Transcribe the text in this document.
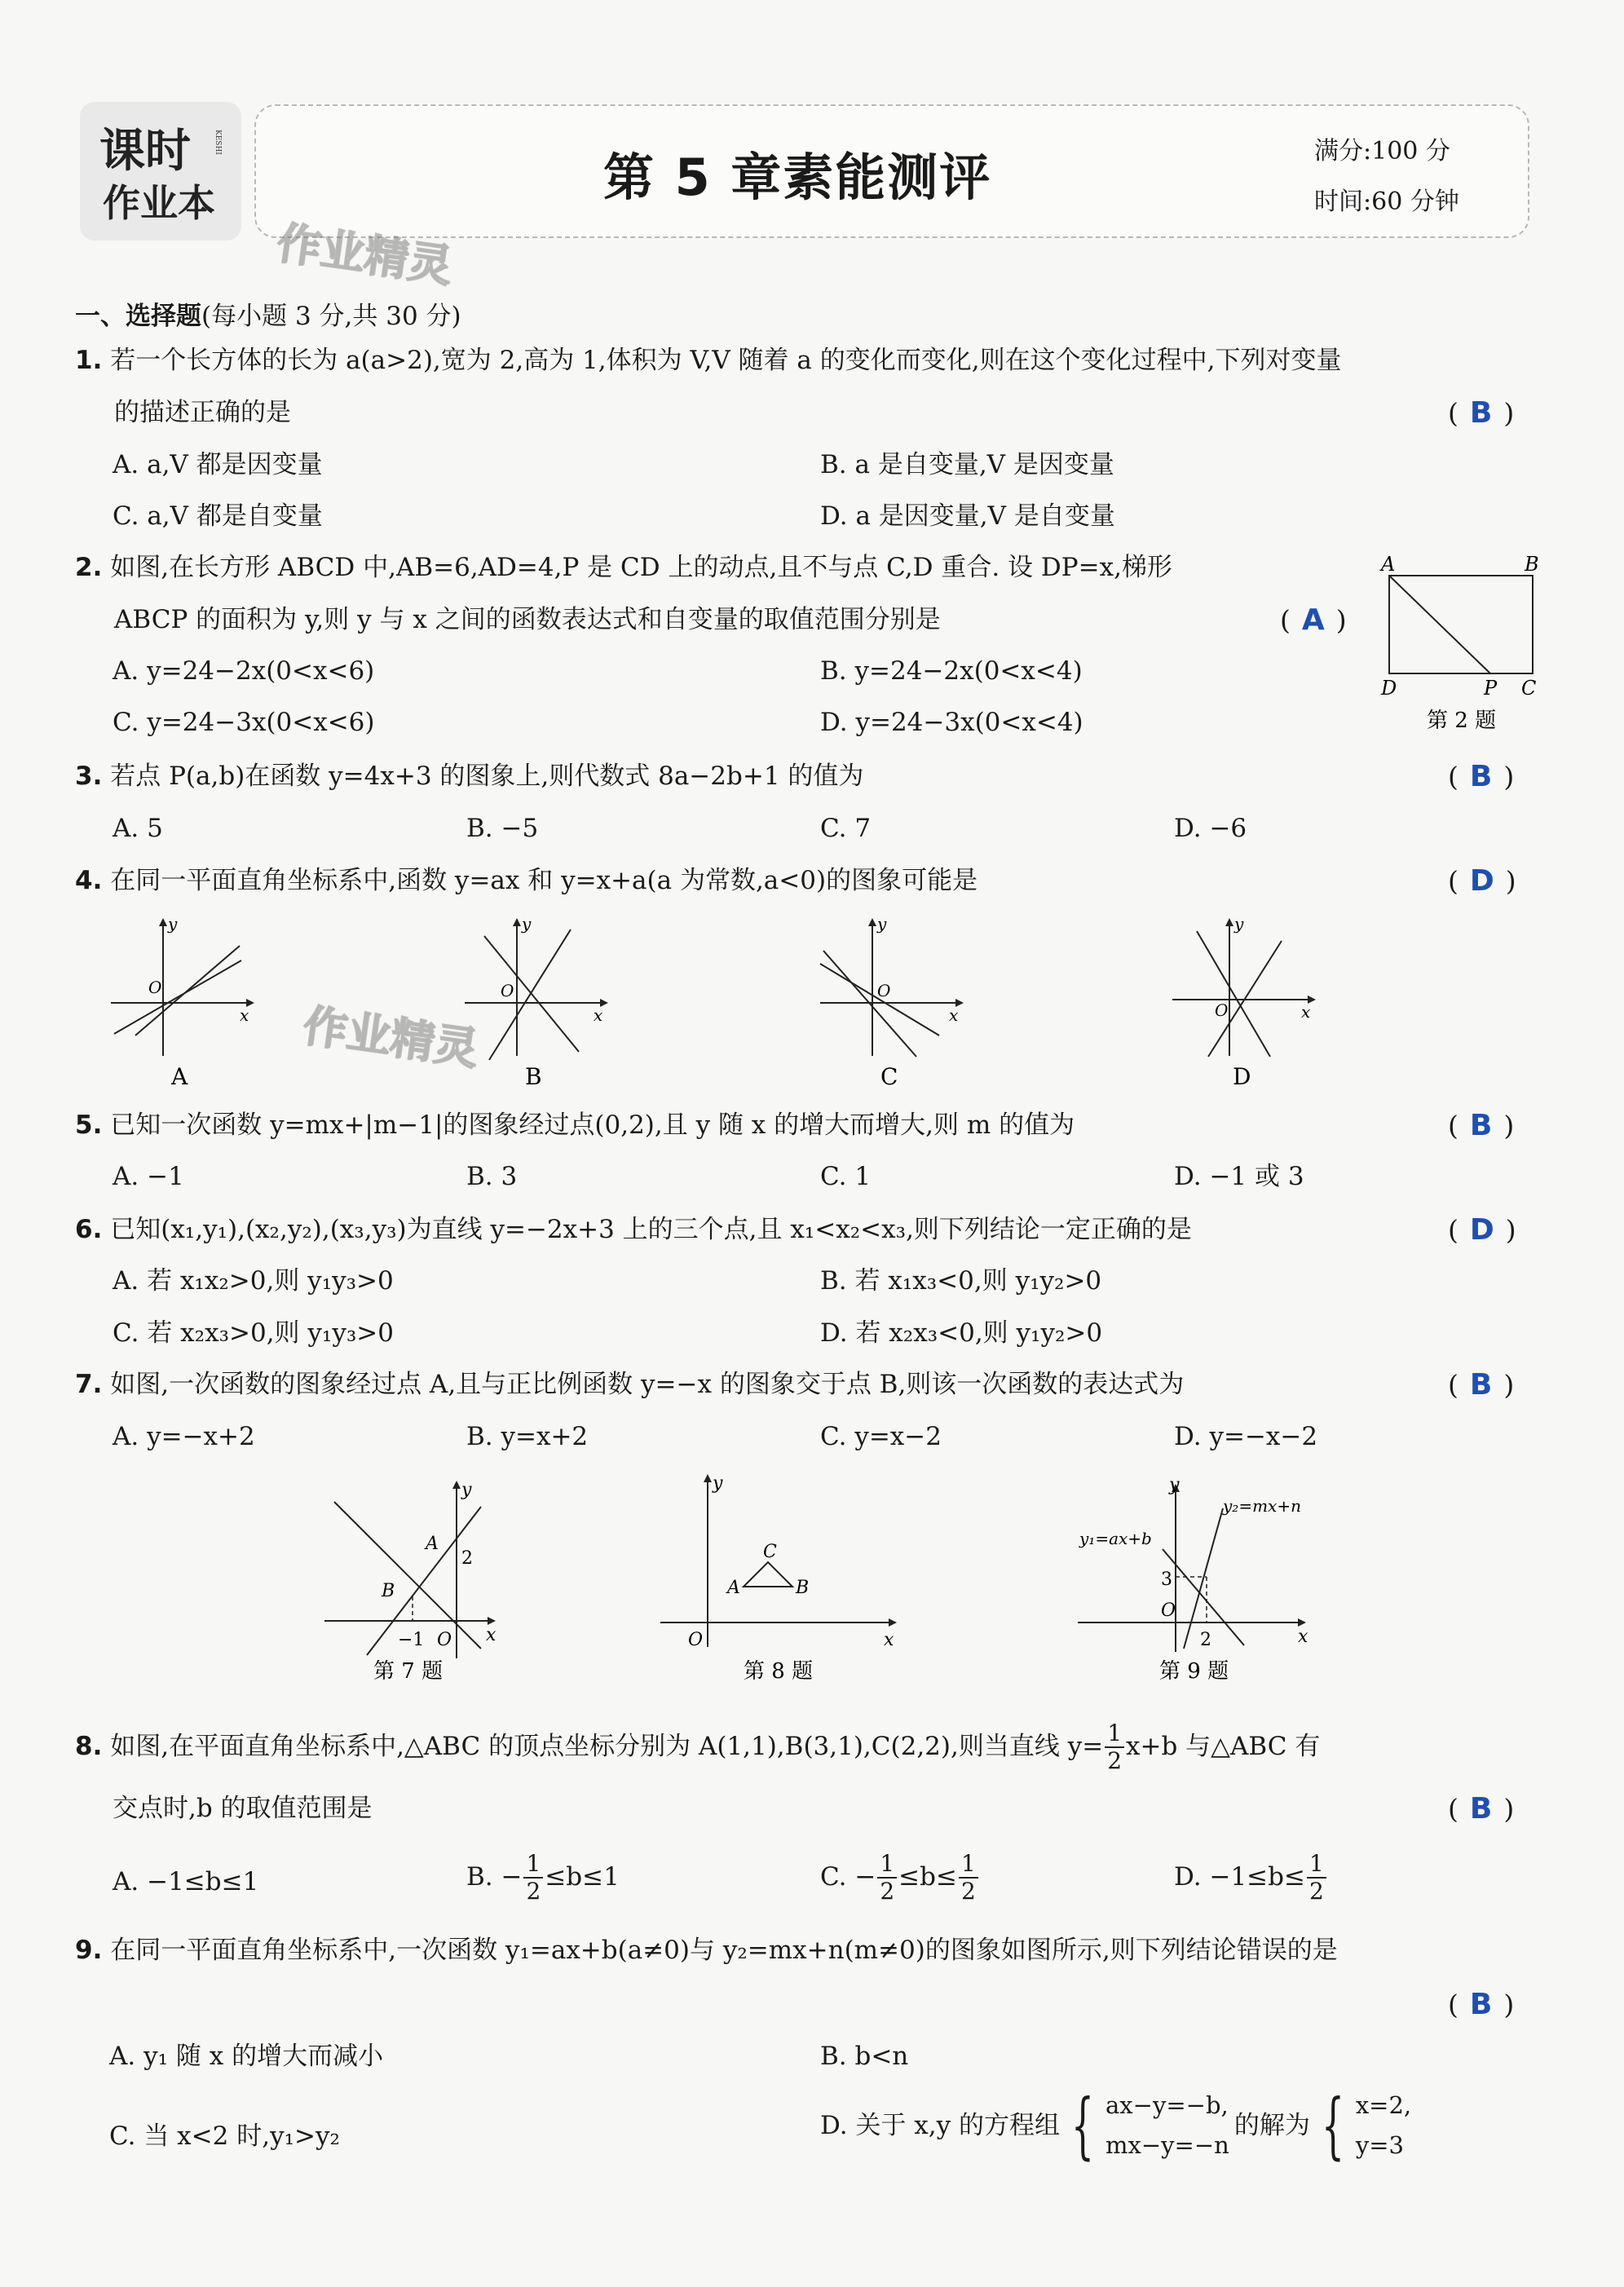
课时
作业本
KESHI
第 5 章素能测评	满分:100 分
时间:60 分钟
作业精灵
作业精灵
一、选择题(每小题 3 分,共 30 分)
1. 若一个长方体的长为 a(a>2),宽为 2,高为 1,体积为 V,V 随着 a 的变化而变化,则在这个变化过程中,下列对变量
的描述正确的是	( B )
A. a,V 都是因变量	B. a 是自变量,V 是因变量
C. a,V 都是自变量	D. a 是因变量,V 是自变量
2. 如图,在长方形 ABCD 中,AB=6,AD=4,P 是 CD 上的动点,且不与点 C,D 重合. 设 DP=x,梯形
ABCP 的面积为 y,则 y 与 x 之间的函数表达式和自变量的取值范围分别是	( A )
A. y=24−2x(0<x<6)	B. y=24−2x(0<x<4)
C. y=24−3x(0<x<6)	D. y=24−3x(0<x<4)
A	B
D	P C
第 2 题
3. 若点 P(a,b)在函数 y=4x+3 的图象上,则代数式 8a−2b+1 的值为	( B )
A. 5	B. −5	C. 7	D. −6
4. 在同一平面直角坐标系中,函数 y=ax 和 y=x+a(a 为常数,a<0)的图象可能是	( D )
y
x
O
A
y
x
O
B
y
x
O
C
y
x
O
D
5. 已知一次函数 y=mx+|m−1|的图象经过点(0,2),且 y 随 x 的增大而增大,则 m 的值为	( B )
A. −1	B. 3	C. 1	D. −1 或 3
6. 已知(x₁,y₁),(x₂,y₂),(x₃,y₃)为直线 y=−2x+3 上的三个点,且 x₁<x₂<x₃,则下列结论一定正确的是	( D )
A. 若 x₁x₂>0,则 y₁y₃>0	B. 若 x₁x₃<0,则 y₁y₂>0
C. 若 x₂x₃>0,则 y₁y₃>0	D. 若 x₂x₃<0,则 y₁y₂>0
7. 如图,一次函数的图象经过点 A,且与正比例函数 y=−x 的图象交于点 B,则该一次函数的表达式为	( B )
A. y=−x+2	B. y=x+2	C. y=x−2	D. y=−x−2
y
x
A
2
B
−1 O
第 7 题
y
x
O
A	B
C
第 8 题
y
x
y₁=ax+b
y₂=mx+n
3
O
2
第 9 题
8.
如图,在平面直角坐标系中,△ABC 的顶点坐标分别为 A(1,1),B(3,1),C(2,2),则当直线 $y= \frac{1}{2} x+b$ 与△ABC 有
交点时,b 的取值范围是	( B )
A. −1≤b≤1	B.
− $\frac{1}{2} \le b\le 1$	C.
− $\frac{1}{2} \le b\le \frac{1}{2}$	D.
$-1\le b\le \frac{1}{2}$
9. 在同一平面直角坐标系中,一次函数 y₁=ax+b(a≠0)与 y₂=mx+n(m≠0)的图象如图所示,则下列结论错误的是
( B )
A. y₁ 随 x 的增大而减小	B. b<n
C. 当 x<2 时,y₁>y₂	D. 关于 x,y 的方程组 { ax−y=−b,
mx−y=−n
的解为 { x=2,
y=3
